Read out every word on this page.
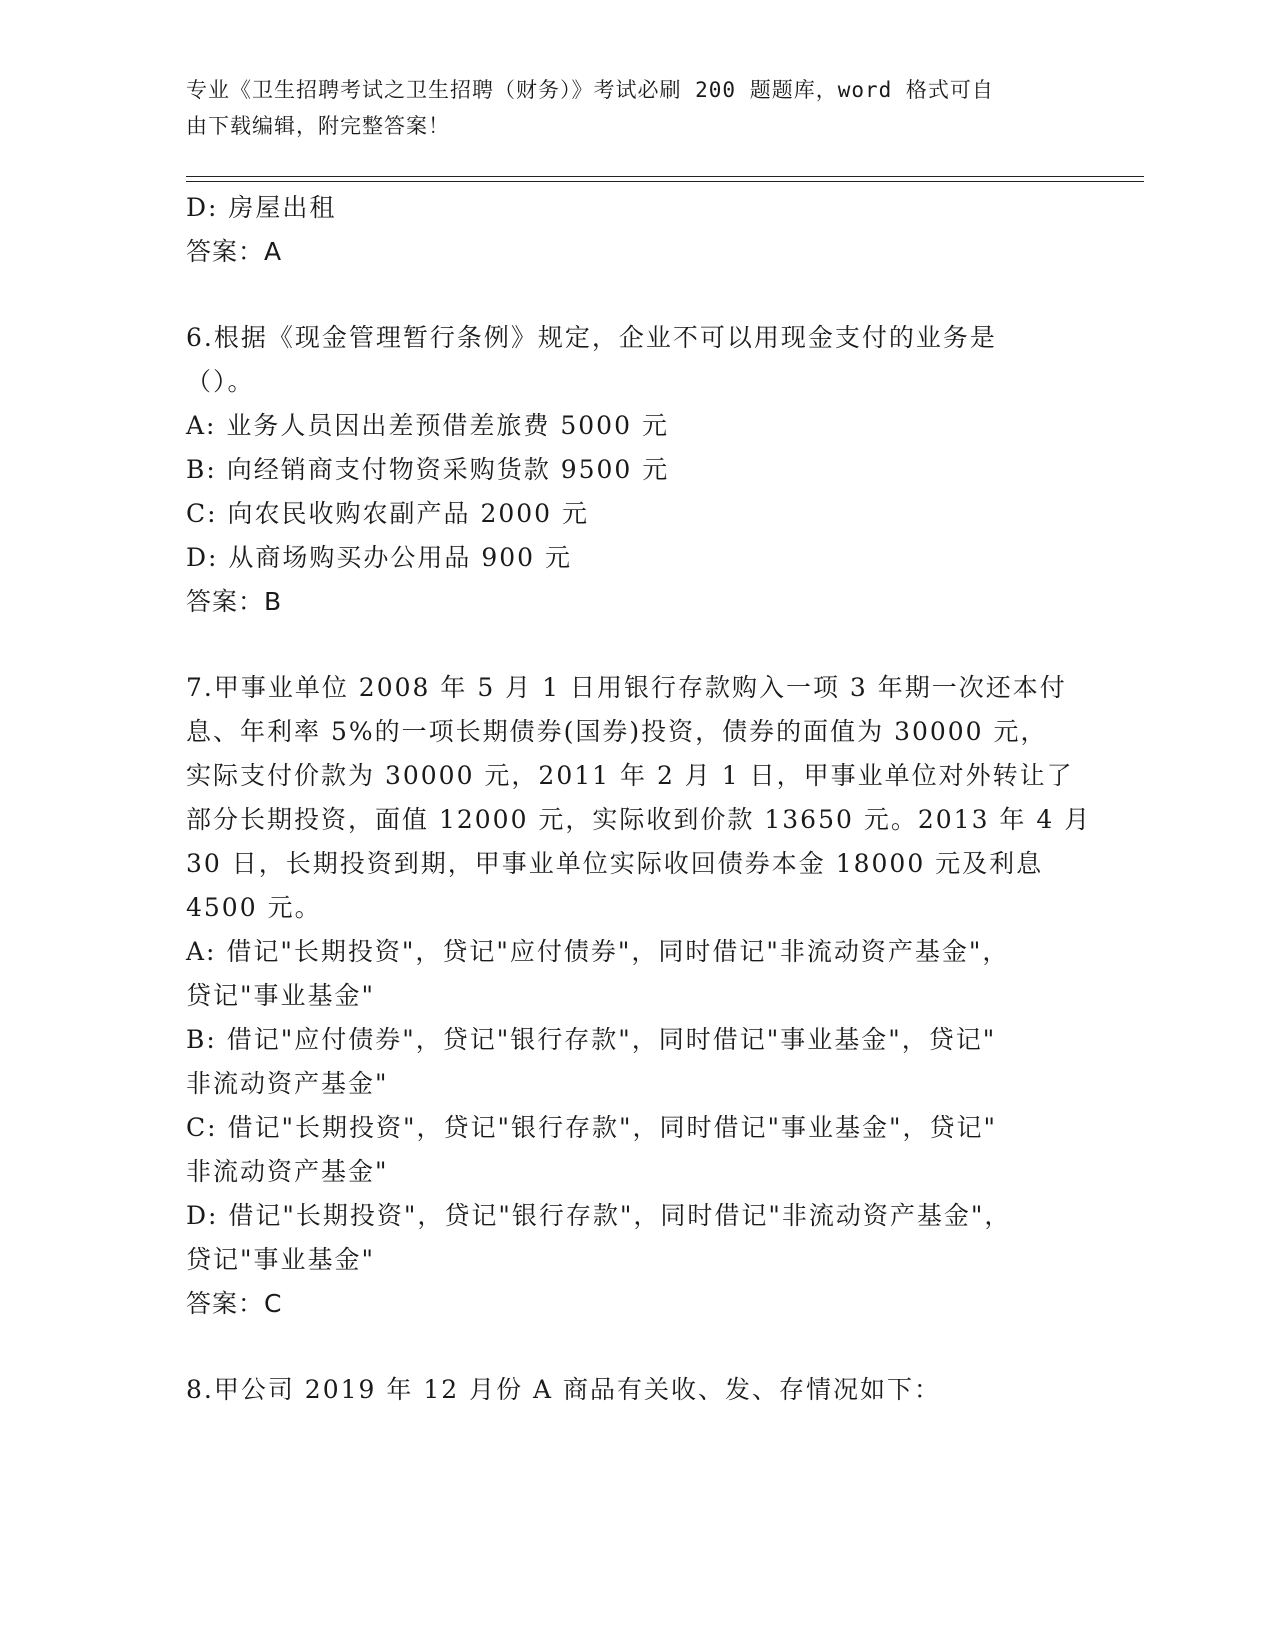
专业《卫生招聘考试之卫生招聘（财务）》考试必刷 200 题题库，word 格式可自
由下载编辑，附完整答案！
D: 房屋出租
答案：A
6.根据《现金管理暂行条例》规定，企业不可以用现金支付的业务是
（）。
A: 业务人员因出差预借差旅费 5000 元
B: 向经销商支付物资采购货款 9500 元
C: 向农民收购农副产品 2000 元
D: 从商场购买办公用品 900 元
答案：B
7.甲事业单位 2008 年 5 月 1 日用银行存款购入一项 3 年期一次还本付
息、年利率 5%的一项长期债券(国券)投资，债券的面值为 30000 元，
实际支付价款为 30000 元，2011 年 2 月 1 日，甲事业单位对外转让了
部分长期投资，面值 12000 元，实际收到价款 13650 元。2013 年 4 月
30 日，长期投资到期，甲事业单位实际收回债券本金 18000 元及利息
4500 元。
A: 借记"长期投资"，贷记"应付债券"，同时借记"非流动资产基金"，
贷记"事业基金"
B: 借记"应付债券"，贷记"银行存款"，同时借记"事业基金"，贷记"
非流动资产基金"
C: 借记"长期投资"，贷记"银行存款"，同时借记"事业基金"，贷记"
非流动资产基金"
D: 借记"长期投资"，贷记"银行存款"，同时借记"非流动资产基金"，
贷记"事业基金"
答案：C
8.甲公司 2019 年 12 月份 A 商品有关收、发、存情况如下：
